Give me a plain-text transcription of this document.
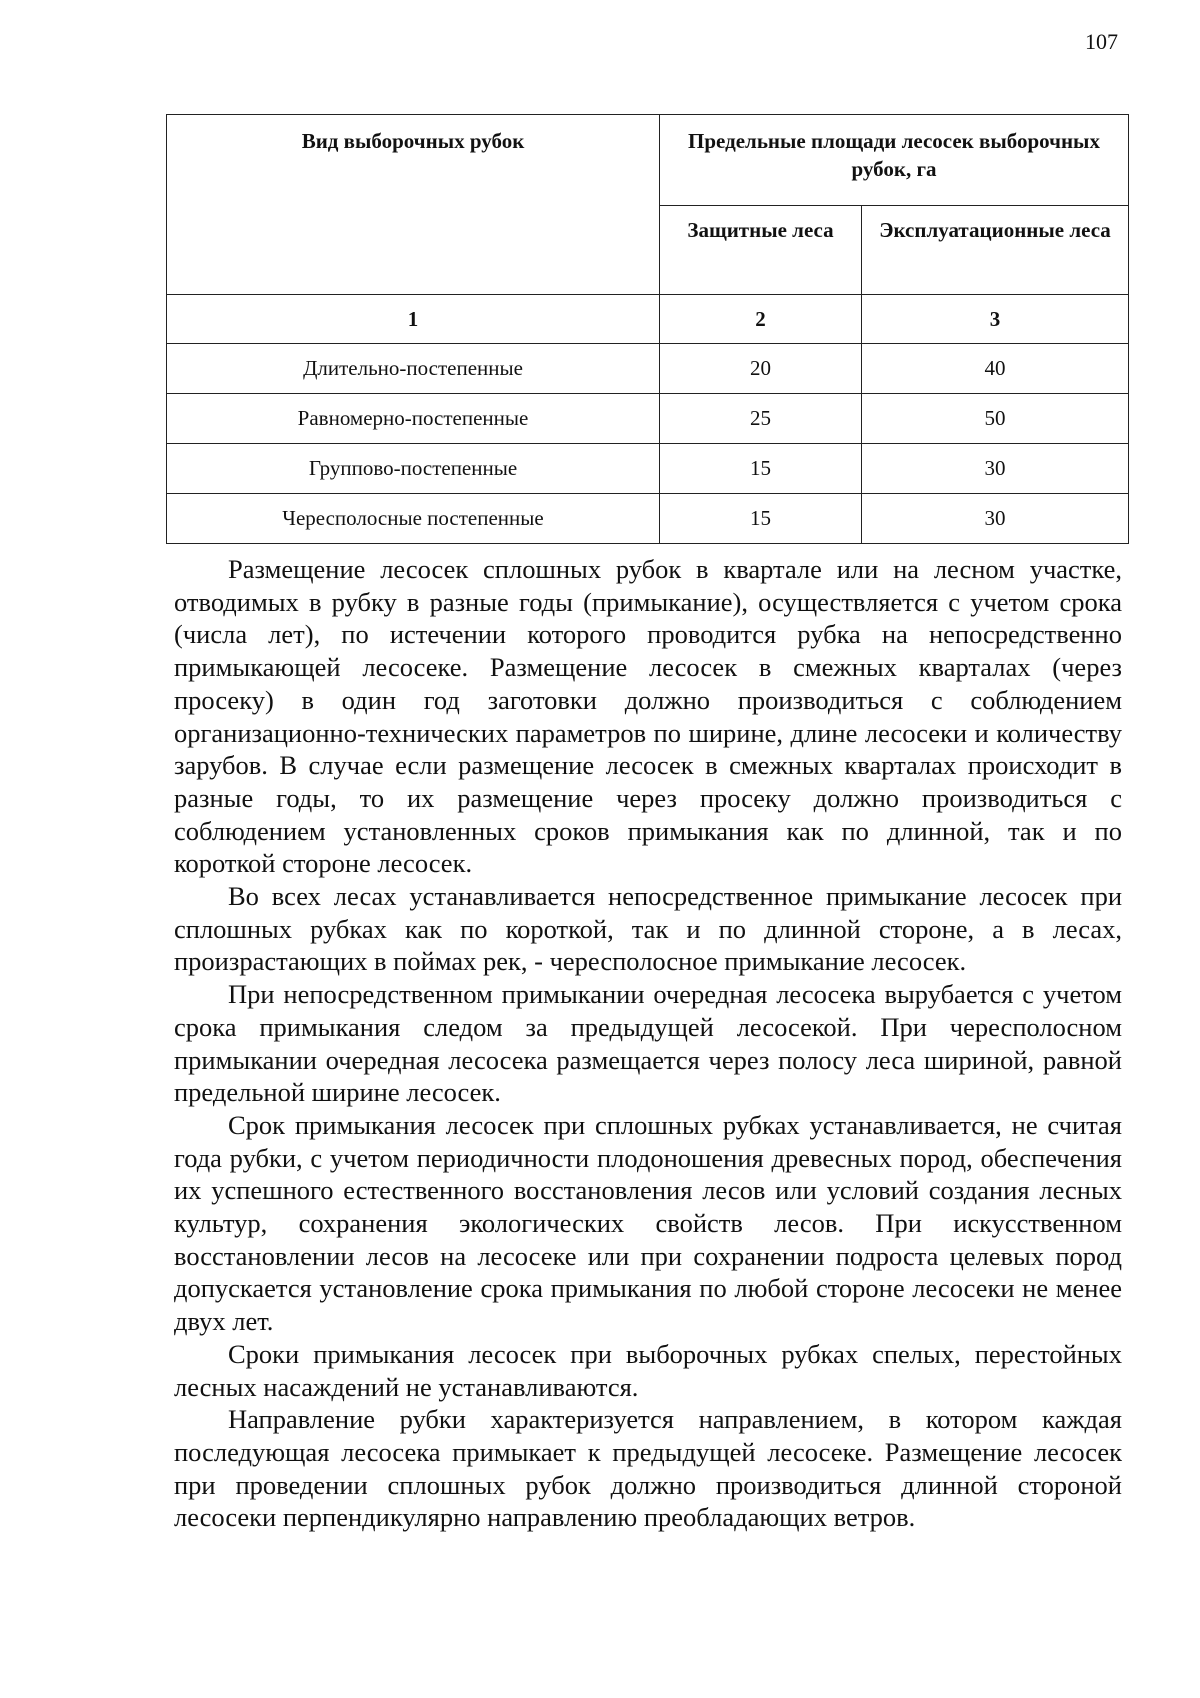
107
Вид выборочных рубок	Предельные площади лесосек выборочных рубок, га	
	Защитные леса	Эксплуатационные леса
1	2	3
Длительно-постепенные	20	40
Равномерно-постепенные	25	50
Группово-постепенные	15	30
Чересполосные постепенные	15	30

Размещение лесосек сплошных рубок в квартале или на лесном участке, отводимых в рубку в разные годы (примыкание), осуществляется с учетом срока (числа лет), по истечении которого проводится рубка на непосредственно примыкающей лесосеке. Размещение лесосек в смежных кварталах (через просеку) в один год заготовки должно производиться с соблюдением организационно-технических параметров по ширине, длине лесосеки и количеству зарубов. В случае если размещение лесосек в смежных кварталах происходит в разные годы, то их размещение через просеку должно производиться с соблюдением установленных сроков примыкания как по длинной, так и по короткой стороне лесосек.

Во всех лесах устанавливается непосредственное примыкание лесосек при сплошных рубках как по короткой, так и по длинной стороне, а в лесах, произрастающих в поймах рек, - чересполосное примыкание лесосек.

При непосредственном примыкании очередная лесосека вырубается с учетом срока примыкания следом за предыдущей лесосекой. При чересполосном примыкании очередная лесосека размещается через полосу леса шириной, равной предельной ширине лесосек.

Срок примыкания лесосек при сплошных рубках устанавливается, не считая года рубки, с учетом периодичности плодоношения древесных пород, обеспечения их успешного естественного восстановления лесов или условий создания лесных культур, сохранения экологических свойств лесов. При искусственном восстановлении лесов на лесосеке или при сохранении подроста целевых пород допускается установление срока примыкания по любой стороне лесосеки не менее двух лет.

Сроки примыкания лесосек при выборочных рубках спелых, перестойных лесных насаждений не устанавливаются.

Направление рубки характеризуется направлением, в котором каждая последующая лесосека примыкает к предыдущей лесосеке. Размещение лесосек при проведении сплошных рубок должно производиться длинной стороной лесосеки перпендикулярно направлению преобладающих ветров.
